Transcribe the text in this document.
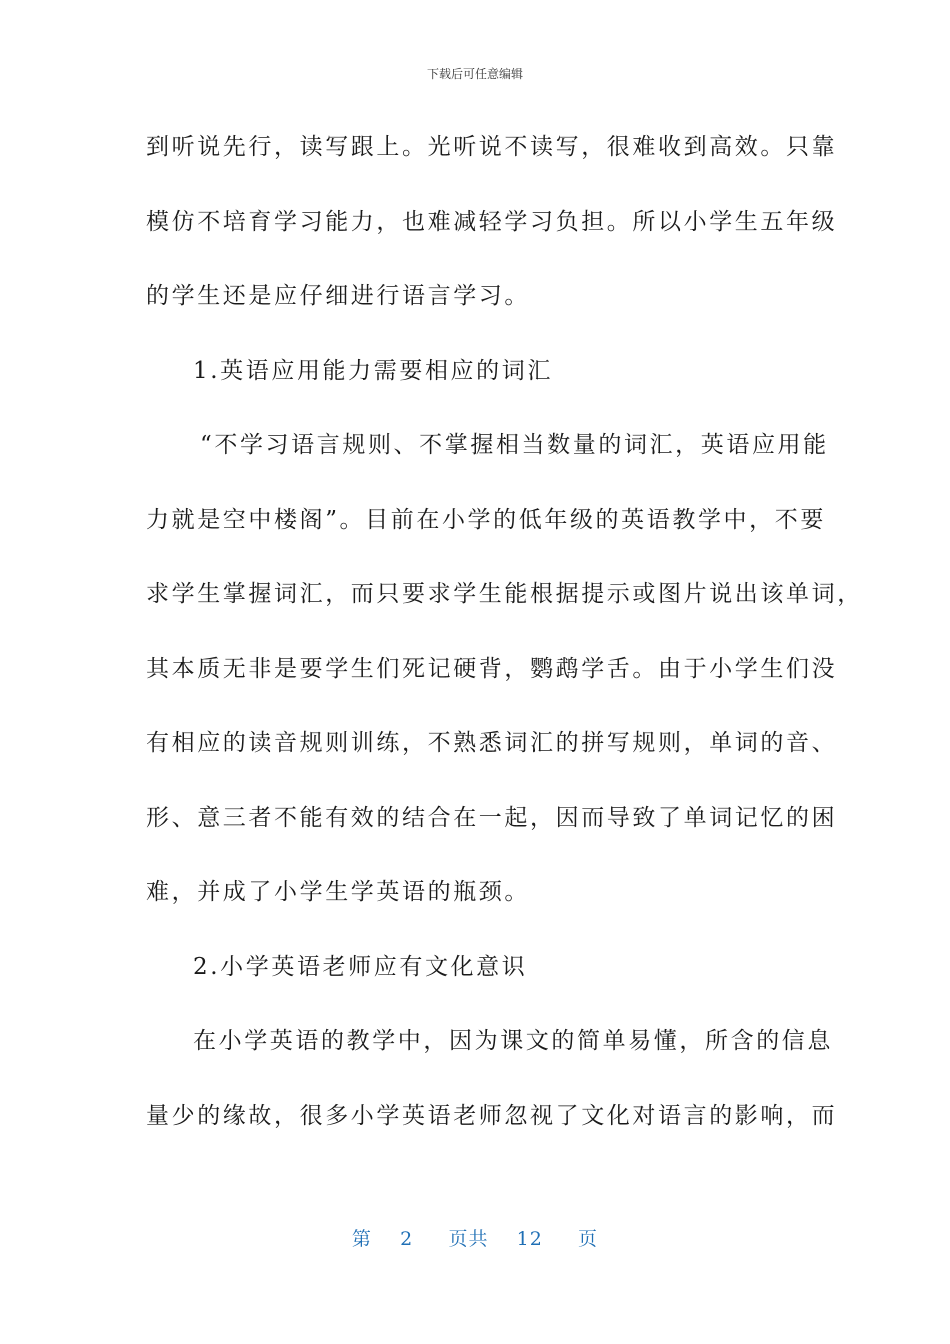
下载后可任意编辑
到听说先行，读写跟上。光听说不读写，很难收到高效。只靠
模仿不培育学习能力，也难减轻学习负担。所以小学生五年级
的学生还是应仔细进行语言学习。
1.英语应用能力需要相应的词汇
“不学习语言规则、不掌握相当数量的词汇，英语应用能
力就是空中楼阁”。目前在小学的低年级的英语教学中，不要
求学生掌握词汇，而只要求学生能根据提示或图片说出该单词，
其本质无非是要学生们死记硬背，鹦鹉学舌。由于小学生们没
有相应的读音规则训练，不熟悉词汇的拼写规则，单词的音、
形、意三者不能有效的结合在一起，因而导致了单词记忆的困
难，并成了小学生学英语的瓶颈。
2.小学英语老师应有文化意识
在小学英语的教学中，因为课文的简单易懂，所含的信息
量少的缘故，很多小学英语老师忽视了文化对语言的影响，而
第 2 页共 12 页
